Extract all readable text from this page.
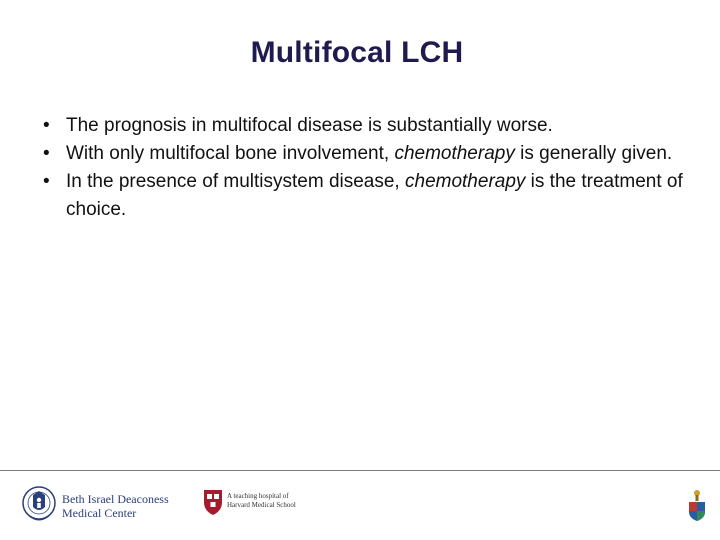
Multifocal LCH
• The prognosis in multifocal disease is substantially worse.
• With only multifocal bone involvement, chemotherapy is generally given.
• In the presence of multisystem disease, chemotherapy is the treatment of choice.
Beth Israel Deaconess
Medical Center
A teaching hospital of
Harvard Medical School
